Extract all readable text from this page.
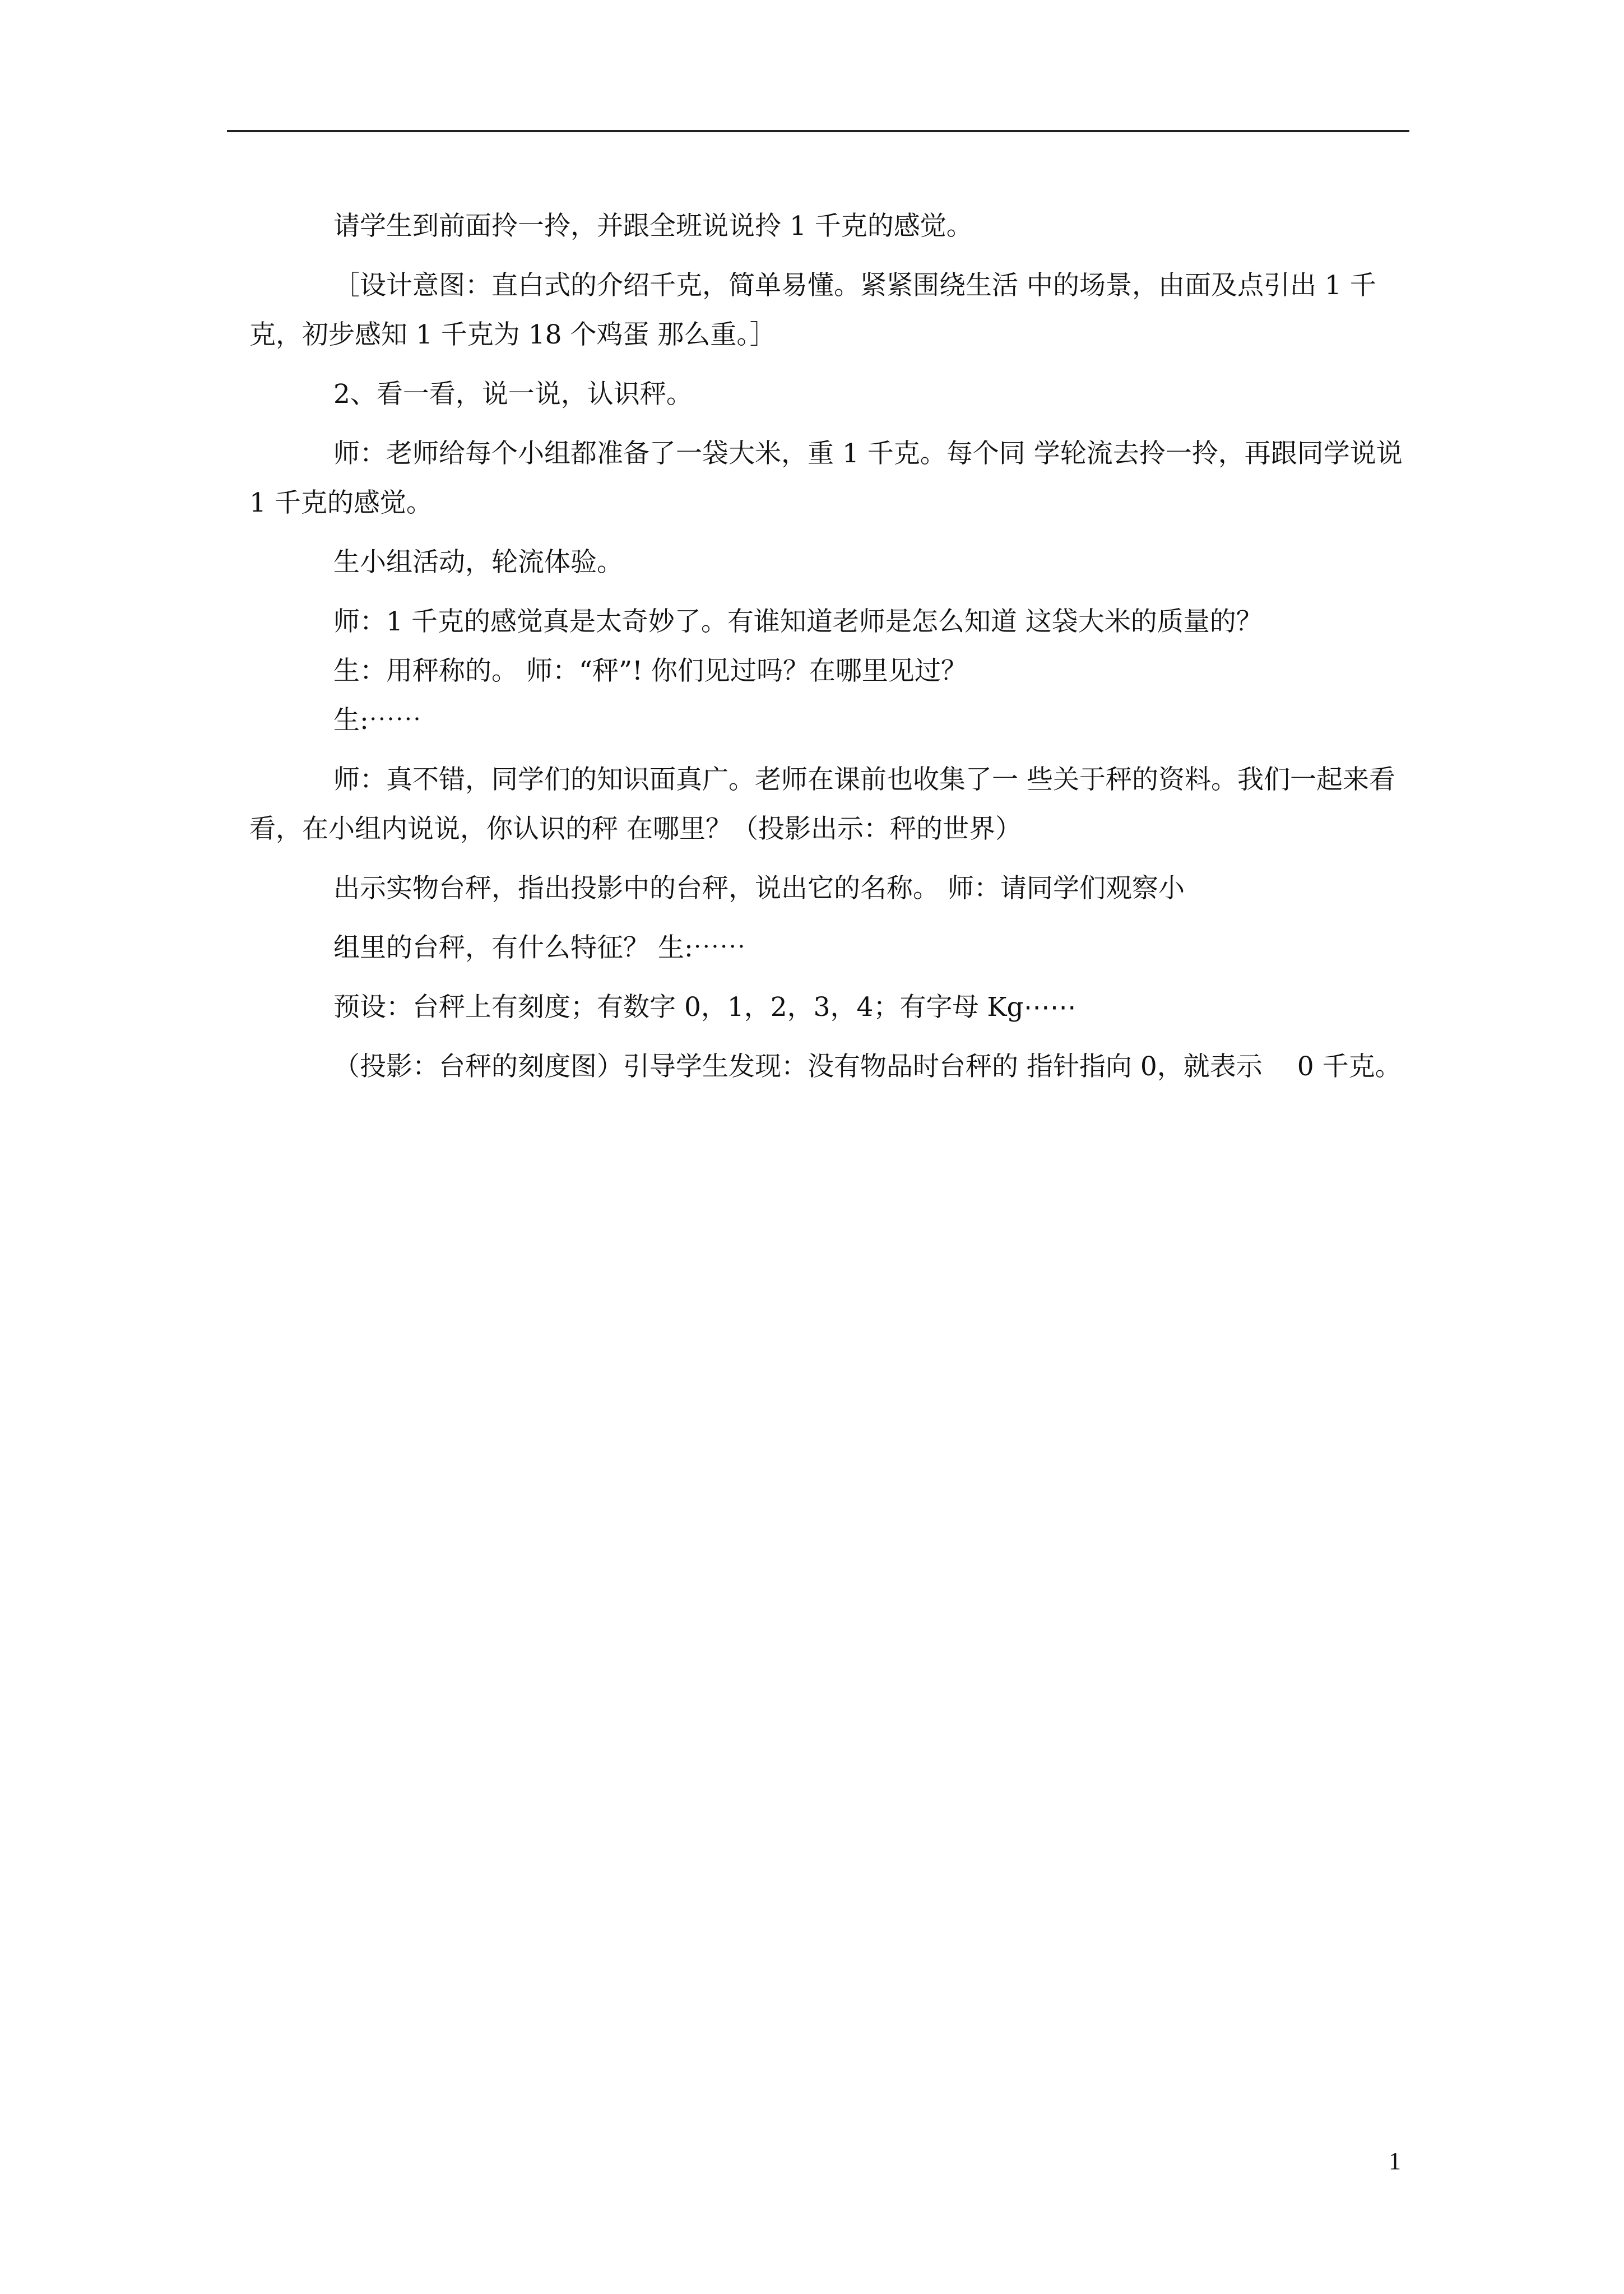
请学生到前面拎一拎，并跟全班说说拎 1 千克的感觉。

［设计意图：直白式的介绍千克，简单易懂。紧紧围绕生活 中的场景，由面及点引出 1 千克，初步感知 1 千克为 18 个鸡蛋 那么重。］

2、看一看，说一说，认识秤。

师：老师给每个小组都准备了一袋大米，重 1 千克。每个同 学轮流去拎一拎，再跟同学说说 1 千克的感觉。

生小组活动，轮流体验。

师：1 千克的感觉真是太奇妙了。有谁知道老师是怎么知道 这袋大米的质量的？

生：用秤称的。 师：“秤”! 你们见过吗？在哪里见过？

生:⋯⋯

师：真不错，同学们的知识面真广。老师在课前也收集了一 些关于秤的资料。我们一起来看看，在小组内说说，你认识的秤 在哪里？（投影出示：秤的世界）

出示实物台秤，指出投影中的台秤，说出它的名称。 师：请同学们观察小

组里的台秤，有什么特征？ 生:⋯⋯

预设：台秤上有刻度；有数字 0，1，2，3，4；有字母 Kg⋯⋯

（投影：台秤的刻度图）引导学生发现：没有物品时台秤的 指针指向 0，就表示 　0 千克。

1
